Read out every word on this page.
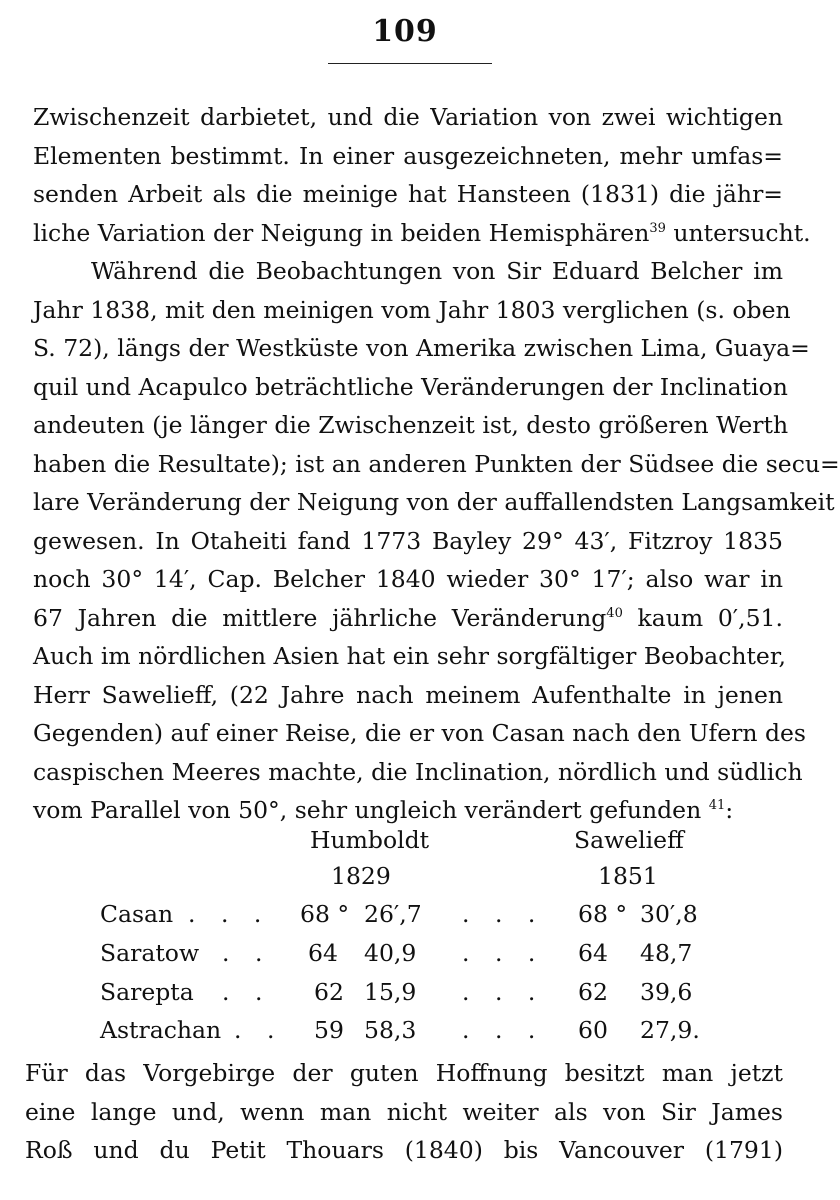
109
Zwischenzeit darbietet, und die Variation von zwei wichtigen
Elementen bestimmt. In einer ausgezeichneten, mehr umfas=
senden Arbeit als die meinige hat Hansteen (1831) die jähr=
liche Variation der Neigung in beiden Hemisphären$^{39}$ untersucht.
Während die Beobachtungen von Sir Eduard Belcher im
Jahr 1838, mit den meinigen vom Jahr 1803 verglichen (s. oben
S. 72), längs der Westküste von Amerika zwischen Lima, Guaya=
quil und Acapulco beträchtliche Veränderungen der Inclination
andeuten (je länger die Zwischenzeit ist, desto größeren Werth
haben die Resultate); ist an anderen Punkten der Südsee die secu=
lare Veränderung der Neigung von der auffallendsten Langsamkeit
gewesen. In Otaheiti fand 1773 Bayley 29° 43′, Fitzroy 1835
noch 30° 14′, Cap. Belcher 1840 wieder 30° 17′; also war in
67 Jahren die mittlere jährliche Veränderung$^{40}$ kaum 0′,51.
Auch im nördlichen Asien hat ein sehr sorgfältiger Beobachter,
Herr Sawelieff, (22 Jahre nach meinem Aufenthalte in jenen
Gegenden) auf einer Reise, die er von Casan nach den Ufern des
caspischen Meeres machte, die Inclination, nördlich und südlich
vom Parallel von 50°, sehr ungleich verändert gefunden $^{41}$:
Humboldt	Sawelieff
1829	1851
Casan . . . 68 ° 26′,7 . . . 68 ° 30′,8
Saratow . . 64 40,9 . . . 64 48,7
Sarepta . . 62 15,9 . . . 62 39,6
Astrachan . . 59 58,3 . . . 60 27,9.
Für das Vorgebirge der guten Hoffnung besitzt man jetzt
eine lange und, wenn man nicht weiter als von Sir James
Roß und du Petit Thouars (1840) bis Vancouver (1791)
